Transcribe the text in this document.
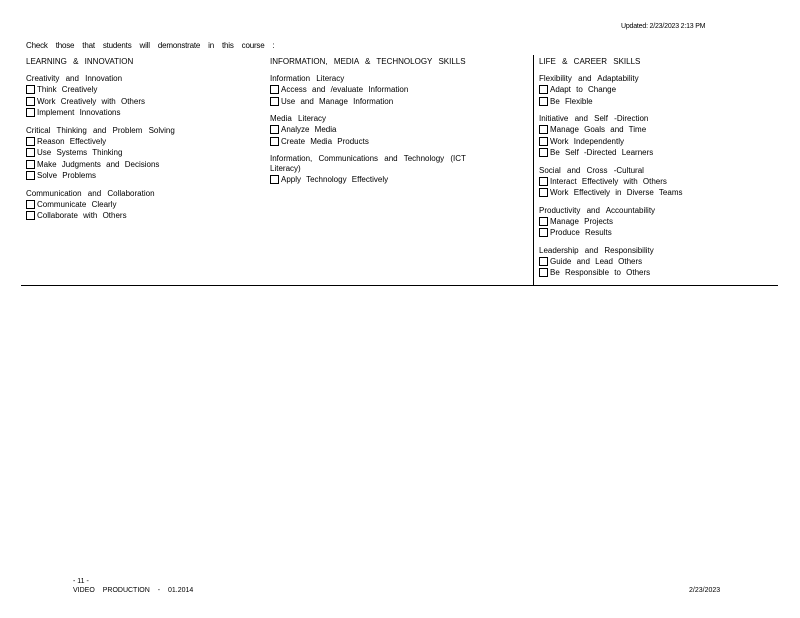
Updated: 2/23/2023 2:13 PM
Check those that students will demonstrate in this course :
- 11 -
VIDEO PRODUCTION - 01.2014	2/23/2023
LEARNING & INNOVATION
Creativity and Innovation
Think Creatively
Work Creatively with Others
Implement Innovations
Critical Thinking and Problem Solving
Reason Effectively
Use Systems Thinking
Make Judgments and Decisions
Solve Problems
Communication and Collaboration
Communicate Clearly
Collaborate with Others
INFORMATION, MEDIA & TECHNOLOGY SKILLS
Information Literacy
Access and /evaluate Information
Use and Manage Information
Media Literacy
Analyze Media
Create Media Products
Information, Communications and Technology (ICT Literacy)
Apply Technology Effectively
LIFE & CAREER SKILLS
Flexibility and Adaptability
Adapt to Change
Be Flexible
Initiative and Self -Direction
Manage Goals and Time
Work Independently
Be Self -Directed Learners
Social and Cross -Cultural
Interact Effectively with Others
Work Effectively in Diverse Teams
Productivity and Accountability
Manage Projects
Produce Results
Leadership and Responsibility
Guide and Lead Others
Be Responsible to Others
